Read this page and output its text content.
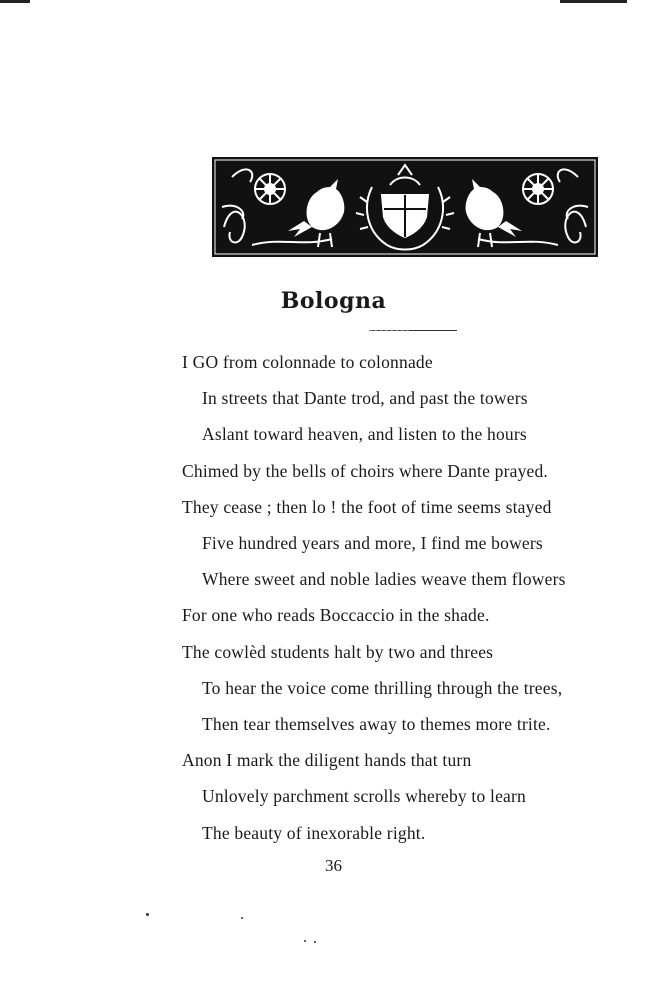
Bologna
I GO from colonnade to colonnade
In streets that Dante trod, and past the towers
Aslant toward heaven, and listen to the hours
Chimed by the bells of choirs where Dante prayed.
They cease ; then lo ! the foot of time seems stayed
Five hundred years and more, I find me bowers
Where sweet and noble ladies weave them flowers
For one who reads Boccaccio in the shade.
The cowlèd students halt by two and threes
To hear the voice come thrilling through the trees,
Then tear themselves away to themes more trite.
Anon I mark the diligent hands that turn
Unlovely parchment scrolls whereby to learn
The beauty of inexorable right.
36
